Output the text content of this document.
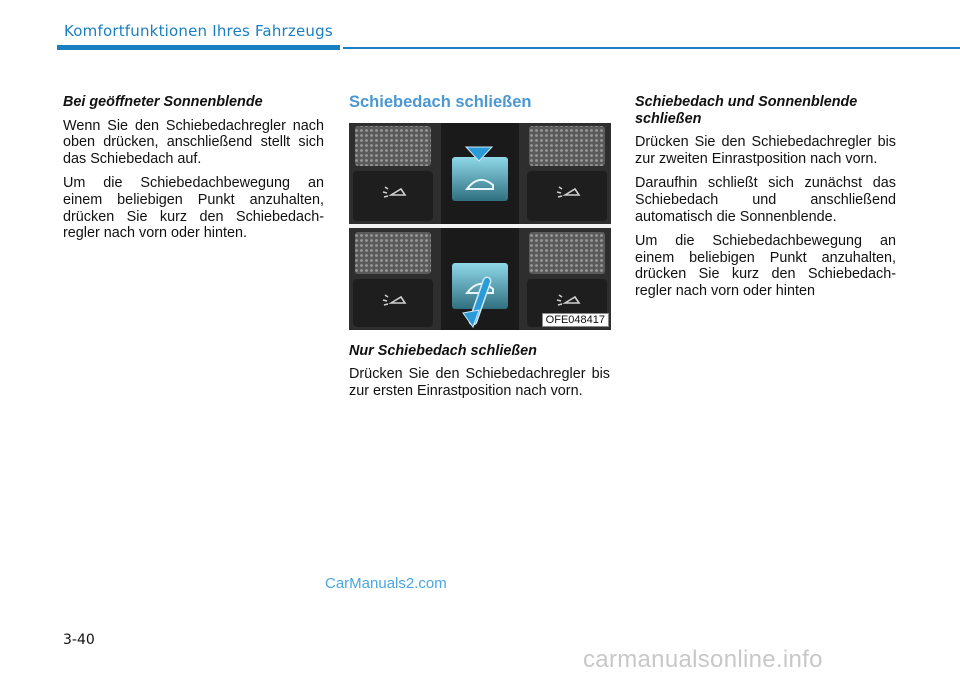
Komfortfunktionen Ihres Fahrzeugs
Bei geöffneter Sonnenblende

Wenn Sie den Schiebedachregler nach oben drücken, anschließend stellt sich das Schiebedach auf.

Um die Schiebedachbewegung an einem beliebigen Punkt anzuhalten, drücken Sie kurz den Schiebedach-regler nach vorn oder hinten.

Schiebedach schließen
OFE048417
Nur Schiebedach schließen

Drücken Sie den Schiebedachregler bis zur ersten Einrastposition nach vorn.

Schiebedach und Sonnenblende schließen

Drücken Sie den Schiebedachregler bis zur zweiten Einrastposition nach vorn.

Daraufhin schließt sich zunächst das Schiebedach und anschließend automatisch die Sonnenblende.

Um die Schiebedachbewegung an einem beliebigen Punkt anzuhalten, drücken Sie kurz den Schiebedach-regler nach vorn oder hinten

CarManuals2.com
3-40
carmanualsonline.info
